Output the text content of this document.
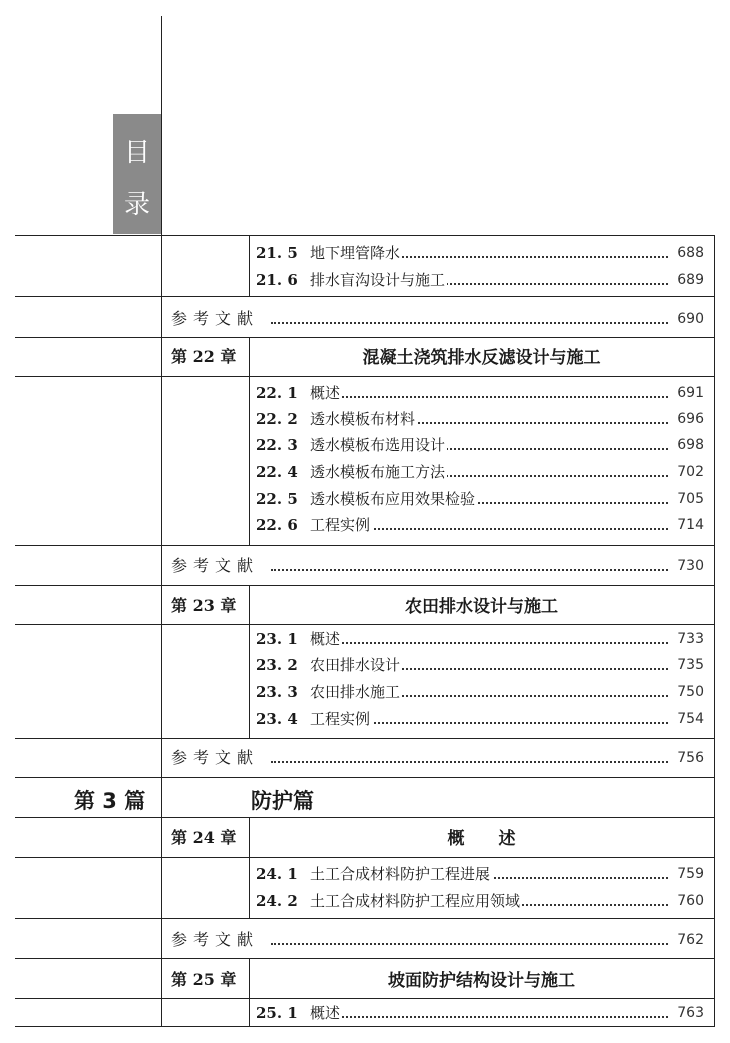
目
录
21. 5 地下埋管降水	688
21. 6 排水盲沟设计与施工	689
参考文献	690
第 22 章	混凝土浇筑排水反滤设计与施工
22. 1 概述	691
22. 2 透水模板布材料	696
22. 3 透水模板布选用设计	698
22. 4 透水模板布施工方法	702
22. 5 透水模板布应用效果检验	705
22. 6 工程实例	714
参考文献	730
第 23 章	农田排水设计与施工
23. 1 概述	733
23. 2 农田排水设计	735
23. 3 农田排水施工	750
23. 4 工程实例	754
参考文献	756
第 3 篇	防护篇
第 24 章	概　　述
24. 1 土工合成材料防护工程进展	759
24. 2 土工合成材料防护工程应用领域	760
参考文献	762
第 25 章	坡面防护结构设计与施工
25. 1 概述	763
